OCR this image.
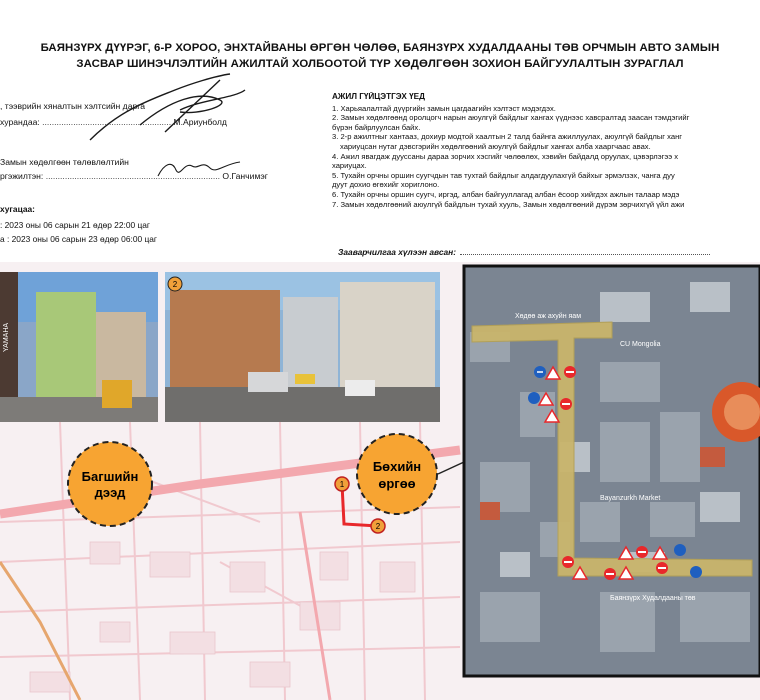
БАЯНЗҮРХ ДҮҮРЭГ, 6-Р ХОРОО, ЭНХТАЙВАНЫ ӨРГӨН ЧӨЛӨӨ, БАЯНЗҮРХ ХУДАЛДААНЫ ТӨВ ОРЧМЫН АВТО ЗАМЫН
ЗАСВАР ШИНЭЧЛЭЛТИЙН АЖИЛТАЙ ХОЛБООТОЙ ТҮР ХӨДӨЛГӨӨН ЗОХИОН БАЙГУУЛАЛТЫН ЗУРАГЛАЛ
, тээврийн хяналтын хэлтсийн дарга
хурандаа: ...................................................... М.Ариунболд
Замын хөдөлгөөн төлөвлөлтийн
ргэжилтэн: ......................................................................... О.Ганчимэг
хугацаа:
: 2023 оны 06 сарын 21 өдөр 22:00 цаг
а : 2023 оны 06 сарын 23 өдөр 06:00 цаг
АЖИЛ ГҮЙЦЭТГЭХ ҮЕД
1. Харьяалалтай дүүргийн замын цагдаагийн хэлтэст мэдэгдэх.
2. Замын хөдөлгөөнд оролцогч нарын аюулгүй байдлыг хангах үүднээс хавсралтад заасан тэмдэгийг
бүрэн байрлуулсан байх.
3. 2-р ажилтныг хантааз, дохиур модтой хаалтын 2 талд байнга ажиллуулах, аюулгүй байдлыг ханг
хариуцсан нутаг дэвсгэрийн хөдөлгөөний аюулгүй байдлыг хангах алба хааргчаас авах.
4. Ажил явагдаж дууссаны дараа зорчих хэсгийг чөлөөлөх, хэвийн байдалд оруулах, цэвэрлэгээ х
хариуцах.
5. Тухайн орчны оршин суугчдын тав тухтай байдлыг алдагдуулахгүй байхыг эрмэлзэх, чанга дуу
дуут дохио өгөхийг хориглоно.
6. Тухайн орчны оршин суугч, иргэд, албан байгууллагад албан ёсоор хийгдэх ажлын талаар мэдэ
7. Замын хөдөлгөөний аюулгүй байдлын тухай хууль, Замын хөдөлгөөний дүрэм зөрчихгүй үйл ажи
Зааварчилгаа хүлээн авсан:
YAMAHA
2
Багшийн
дээд
Бөхийн
өргөө
1
2
Хөдөө аж ахуйн яам
CU Mongolia
Bayanzurkh Market
Баянзүрх Худалдааны төв
